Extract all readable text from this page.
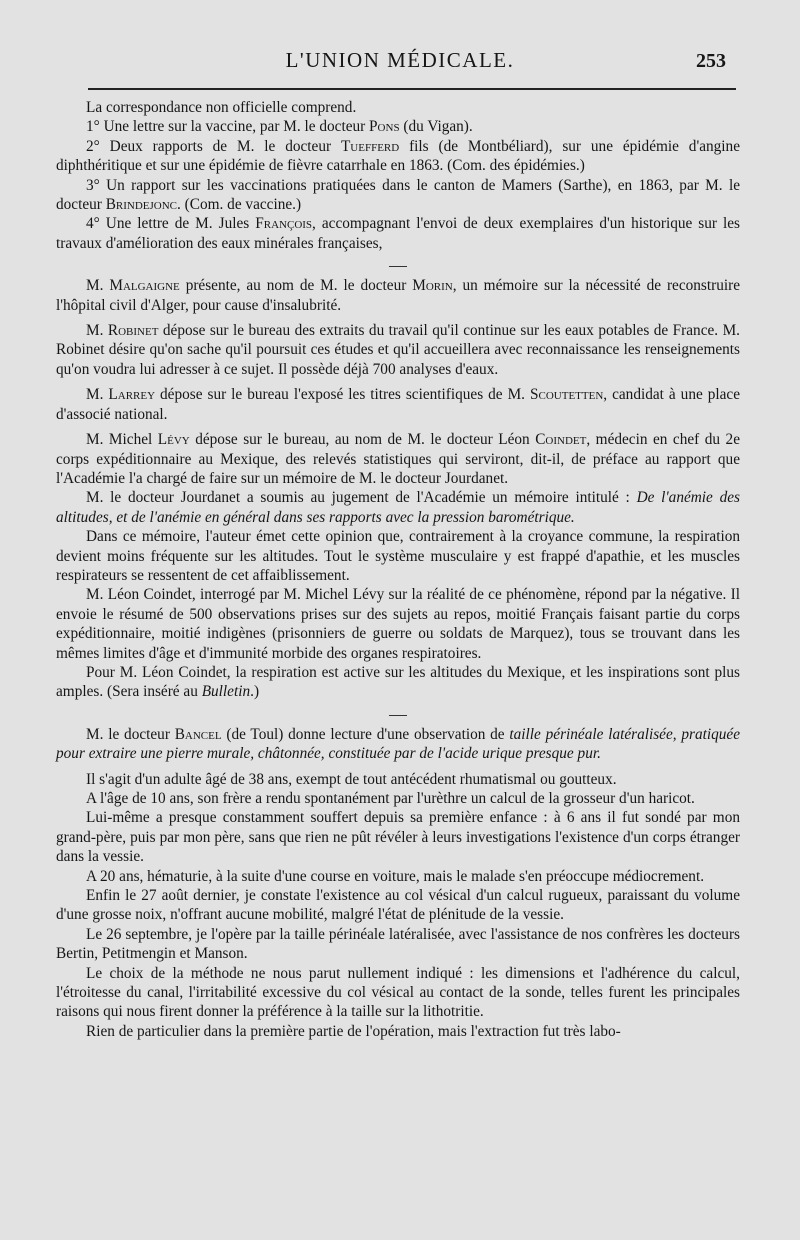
L'UNION MÉDICALE.	253

La correspondance non officielle comprend.

1° Une lettre sur la vaccine, par M. le docteur Pons (du Vigan).

2° Deux rapports de M. le docteur Tuefferd fils (de Montbéliard), sur une épidémie d'angine diphthéritique et sur une épidémie de fièvre catarrhale en 1863. (Com. des épidémies.)

3° Un rapport sur les vaccinations pratiquées dans le canton de Mamers (Sarthe), en 1863, par M. le docteur Brindejonc. (Com. de vaccine.)

4° Une lettre de M. Jules François, accompagnant l'envoi de deux exemplaires d'un historique sur les travaux d'amélioration des eaux minérales françaises,

M. Malgaigne présente, au nom de M. le docteur Morin, un mémoire sur la nécessité de reconstruire l'hôpital civil d'Alger, pour cause d'insalubrité.

M. Robinet dépose sur le bureau des extraits du travail qu'il continue sur les eaux potables de France. M. Robinet désire qu'on sache qu'il poursuit ces études et qu'il accueillera avec reconnaissance les renseignements qu'on voudra lui adresser à ce sujet. Il possède déjà 700 analyses d'eaux.

M. Larrey dépose sur le bureau l'exposé les titres scientifiques de M. Scoutetten, candidat à une place d'associé national.

M. Michel Lévy dépose sur le bureau, au nom de M. le docteur Léon Coindet, médecin en chef du 2e corps expéditionnaire au Mexique, des relevés statistiques qui serviront, dit-il, de préface au rapport que l'Académie l'a chargé de faire sur un mémoire de M. le docteur Jourdanet.

M. le docteur Jourdanet a soumis au jugement de l'Académie un mémoire intitulé : De l'anémie des altitudes, et de l'anémie en général dans ses rapports avec la pression barométrique.

Dans ce mémoire, l'auteur émet cette opinion que, contrairement à la croyance commune, la respiration devient moins fréquente sur les altitudes. Tout le système musculaire y est frappé d'apathie, et les muscles respirateurs se ressentent de cet affaiblissement.

M. Léon Coindet, interrogé par M. Michel Lévy sur la réalité de ce phénomène, répond par la négative. Il envoie le résumé de 500 observations prises sur des sujets au repos, moitié Français faisant partie du corps expéditionnaire, moitié indigènes (prisonniers de guerre ou soldats de Marquez), tous se trouvant dans les mêmes limites d'âge et d'immunité morbide des organes respiratoires.

Pour M. Léon Coindet, la respiration est active sur les altitudes du Mexique, et les inspirations sont plus amples. (Sera inséré au Bulletin.)

M. le docteur Bancel (de Toul) donne lecture d'une observation de taille périnéale latéralisée, pratiquée pour extraire une pierre murale, châtonnée, constituée par de l'acide urique presque pur.

Il s'agit d'un adulte âgé de 38 ans, exempt de tout antécédent rhumatismal ou goutteux.

A l'âge de 10 ans, son frère a rendu spontanément par l'urèthre un calcul de la grosseur d'un haricot.

Lui-même a presque constamment souffert depuis sa première enfance : à 6 ans il fut sondé par mon grand-père, puis par mon père, sans que rien ne pût révéler à leurs investigations l'existence d'un corps étranger dans la vessie.

A 20 ans, hématurie, à la suite d'une course en voiture, mais le malade s'en préoccupe médiocrement.

Enfin le 27 août dernier, je constate l'existence au col vésical d'un calcul rugueux, paraissant du volume d'une grosse noix, n'offrant aucune mobilité, malgré l'état de plénitude de la vessie.

Le 26 septembre, je l'opère par la taille périnéale latéralisée, avec l'assistance de nos confrères les docteurs Bertin, Petitmengin et Manson.

Le choix de la méthode ne nous parut nullement indiqué : les dimensions et l'adhérence du calcul, l'étroitesse du canal, l'irritabilité excessive du col vésical au contact de la sonde, telles furent les principales raisons qui nous firent donner la préférence à la taille sur la lithotritie.

Rien de particulier dans la première partie de l'opération, mais l'extraction fut très labo-
